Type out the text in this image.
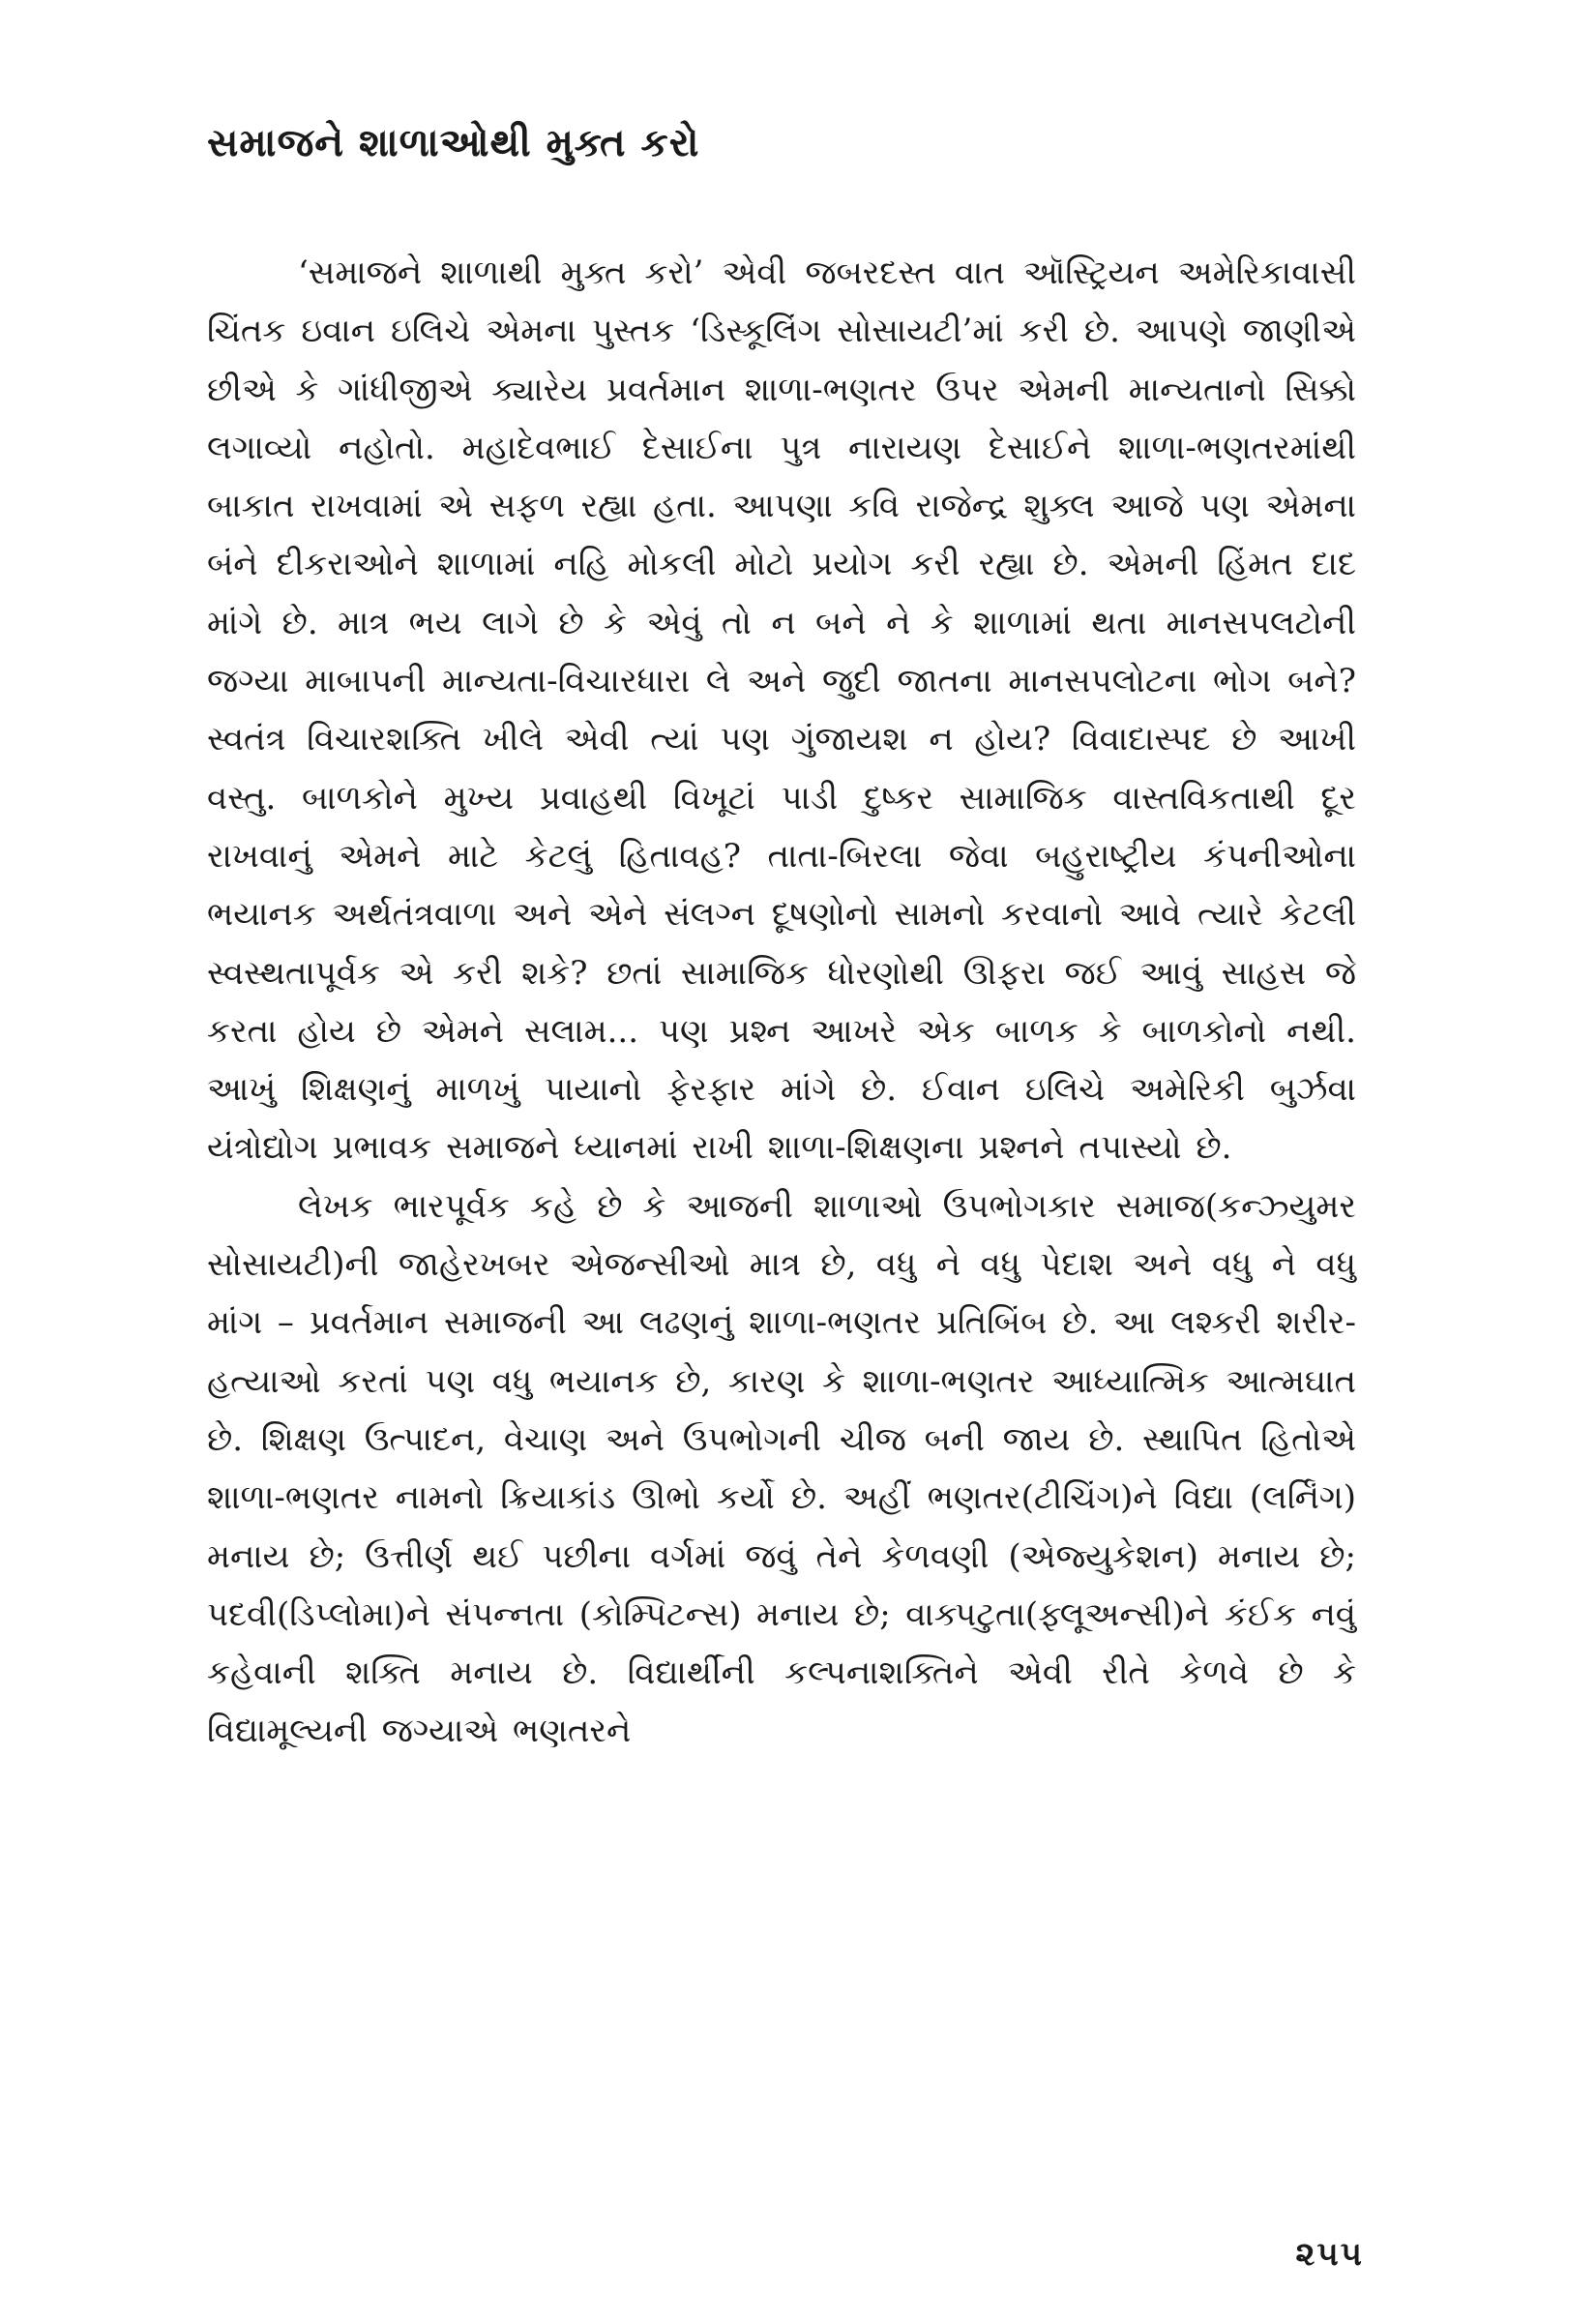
સમાજને શાળાઓથી મુક્ત કરો

‘સમાજને શાળાથી મુક્ત કરો’ એવી જબરદસ્ત વાત ઑસ્ટ્રિયન અમેરિકાવાસી ચિંતક ઇવાન ઇલિચે એમના પુસ્તક ‘ડિસ્કૂલિંગ સોસાયટી’માં કરી છે. આપણે જાણીએ છીએ કે ગાંધીજીએ ક્યારેય પ્રવર્તમાન શાળા-ભણતર ઉપર એમની માન્યતાનો સિક્કો લગાવ્યો નહોતો. મહાદેવભાઈ દેસાઈના પુત્ર નારાયણ દેસાઈને શાળા-ભણતરમાંથી બાકાત રાખવામાં એ સફળ રહ્યા હતા. આપણા કવિ રાજેન્દ્ર શુક્લ આજે પણ એમના બંને દીકરાઓને શાળામાં નહિ મોકલી મોટો પ્રયોગ કરી રહ્યા છે. એમની હિંમત દાદ માંગે છે. માત્ર ભય લાગે છે કે એવું તો ન બને ને કે શાળામાં થતા માનસપલટોની જગ્યા માબાપની માન્યતા-વિચારધારા લે અને જુદી જાતના માનસપલોટના ભોગ બને? સ્વતંત્ર વિચારશક્તિ ખીલે એવી ત્યાં પણ ગુંજાયશ ન હોય? વિવાદાસ્પદ છે આખી વસ્તુ. બાળકોને મુખ્ય પ્રવાહથી વિખૂટાં પાડી દુષ્કર સામાજિક વાસ્તવિકતાથી દૂર રાખવાનું એમને માટે કેટલું હિતાવહ? તાતા-બિરલા જેવા બહુરાષ્ટ્રીય કંપનીઓના ભયાનક અર્થતંત્રવાળા અને એને સંલગ્ન દૂષણોનો સામનો કરવાનો આવે ત્યારે કેટલી સ્વસ્થતાપૂર્વક એ કરી શકે? છતાં સામાજિક ધોરણોથી ઊફરા જઈ આવું સાહસ જે કરતા હોય છે એમને સલામ... પણ પ્રશ્ન આખરે એક બાળક કે બાળકોનો નથી. આખું શિક્ષણનું માળખું પાયાનો ફેરફાર માંગે છે. ઈવાન ઇલિચે અમેરિકી બુર્ઝવા યંત્રોદ્યોગ પ્રભાવક સમાજને ધ્યાનમાં રાખી શાળા-શિક્ષણના પ્રશ્નને તપાસ્યો છે.

લેખક ભારપૂર્વક કહે છે કે આજની શાળાઓ ઉપભોગકાર સમાજ(કન્ઝ્યુમર સોસાયટી)ની જાહેરખબર એજન્સીઓ માત્ર છે, વધુ ને વધુ પેદાશ અને વધુ ને વધુ માંગ – પ્રવર્તમાન સમાજની આ લઢણનું શાળા-ભણતર પ્રતિબિંબ છે. આ લશ્કરી શરીર-હત્યાઓ કરતાં પણ વધુ ભયાનક છે, કારણ કે શાળા-ભણતર આધ્યાત્મિક આત્મઘાત છે. શિક્ષણ ઉત્પાદન, વેચાણ અને ઉપભોગની ચીજ બની જાય છે. સ્થાપિત હિતોએ શાળા-ભણતર નામનો ક્રિયાકાંડ ઊભો કર્યો છે. અહીં ભણતર(ટીચિંગ)ને વિદ્યા (લર્નિંગ) મનાય છે; ઉત્તીર્ણ થઈ પછીના વર્ગમાં જવું તેને કેળવણી (એજ્યુકેશન) મનાય છે; પદવી(ડિપ્લોમા)ને સંપન્નતા (કોમ્પિટન્સ) મનાય છે; વાક્પટુતા(ફ્લૂઅન્સી)ને કંઈક નવું કહેવાની શક્તિ મનાય છે. વિદ્યાર્થીની કલ્પનાશક્તિને એવી રીતે કેળવે છે કે વિદ્યામૂલ્યની જગ્યાએ ભણતરને

૨૫૫
